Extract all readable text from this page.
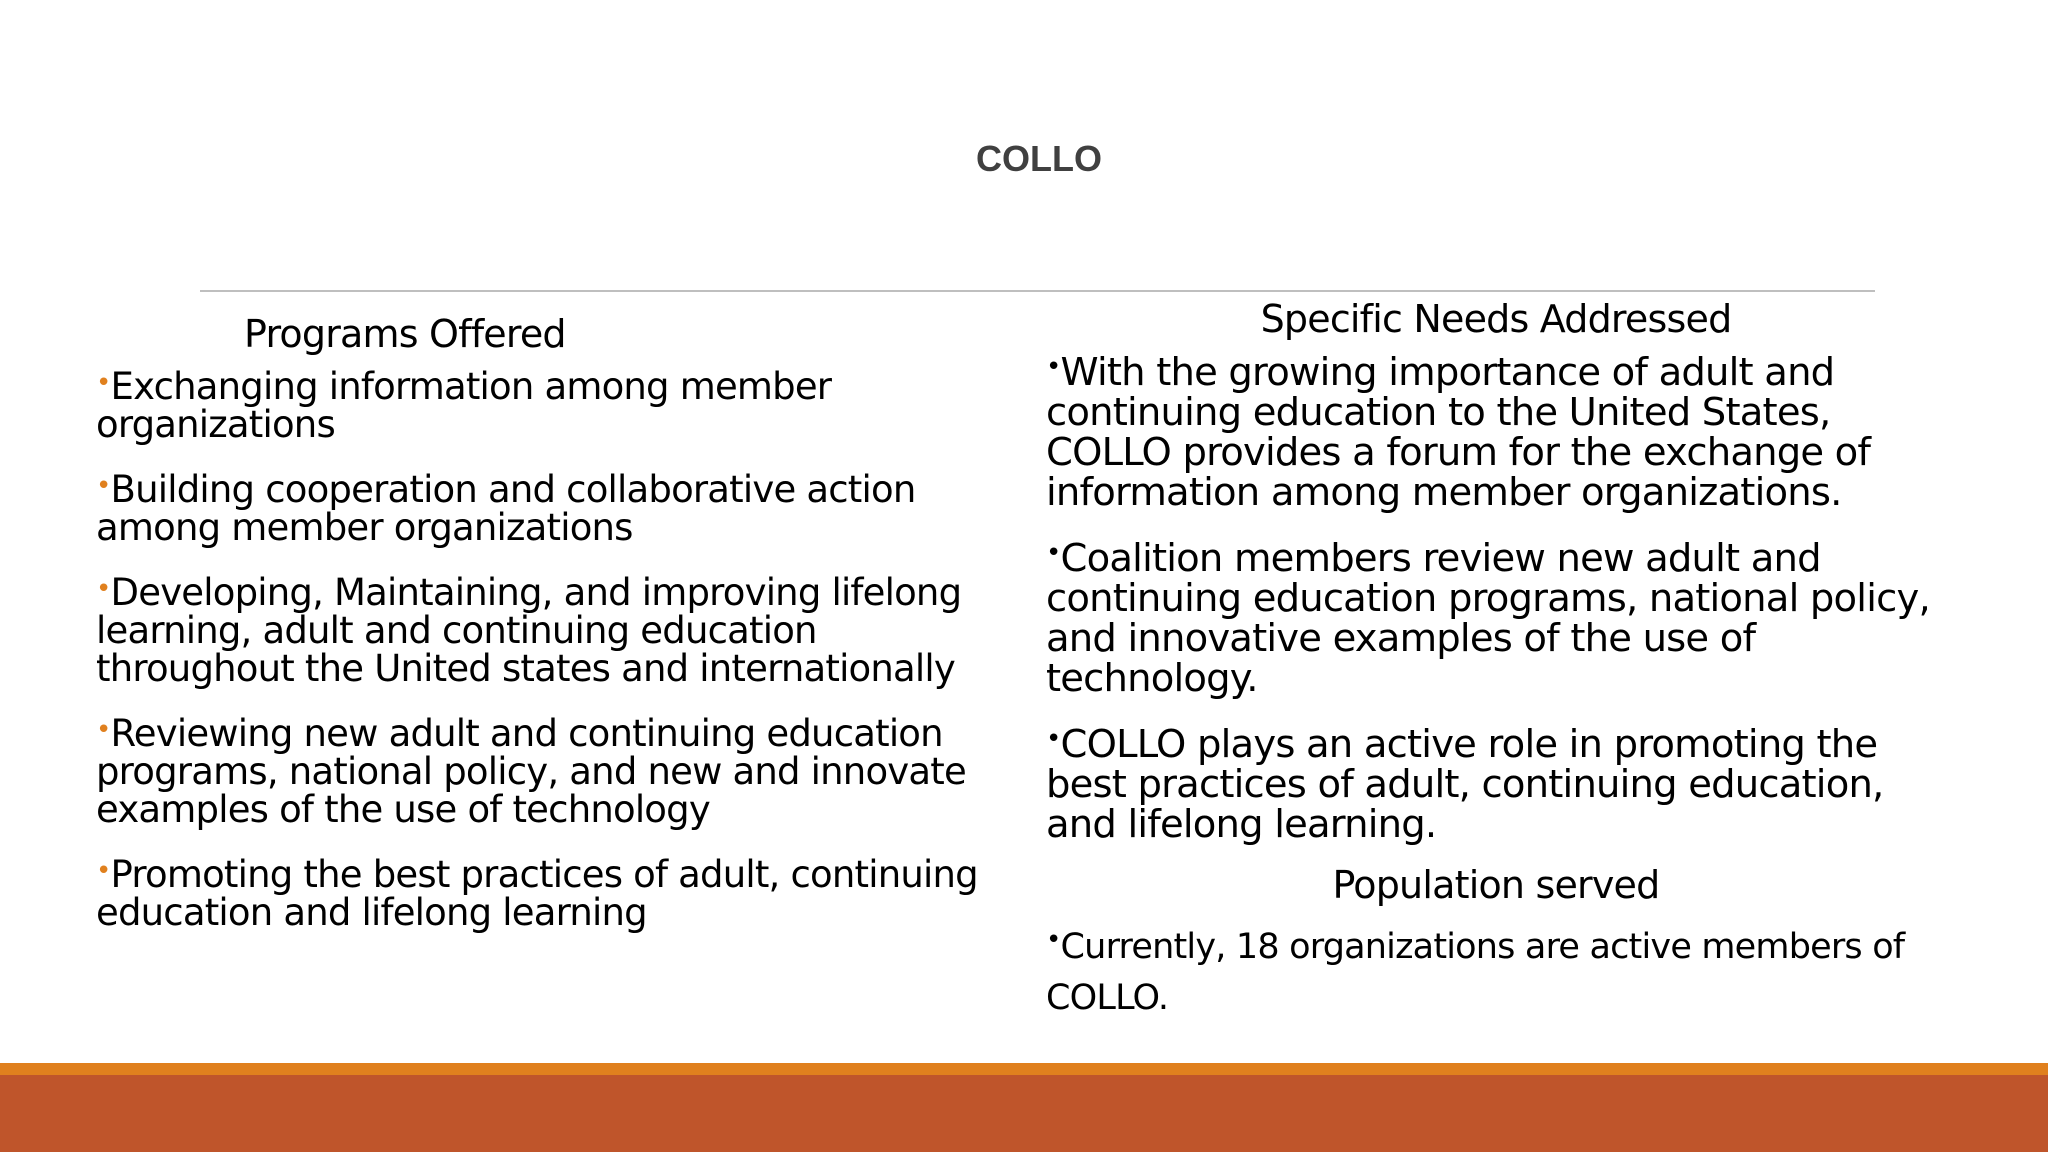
COLLO

Programs Offered

•Exchanging information among member organizations
•Building cooperation and collaborative action among member organizations
•Developing, Maintaining, and improving lifelong learning, adult and continuing education throughout the United states and internationally
•Reviewing new adult and continuing education programs, national policy, and new and innovate examples of the use of technology
•Promoting the best practices of adult, continuing education and lifelong learning

Specific Needs Addressed

•With the growing importance of adult and continuing education to the United States, COLLO provides a forum for the exchange of information among member organizations.
•Coalition members review new adult and continuing education programs, national policy, and innovative examples of the use of technology.
•COLLO plays an active role in promoting the best practices of adult, continuing education, and lifelong learning.

Population served

•Currently, 18 organizations are active members of COLLO.
